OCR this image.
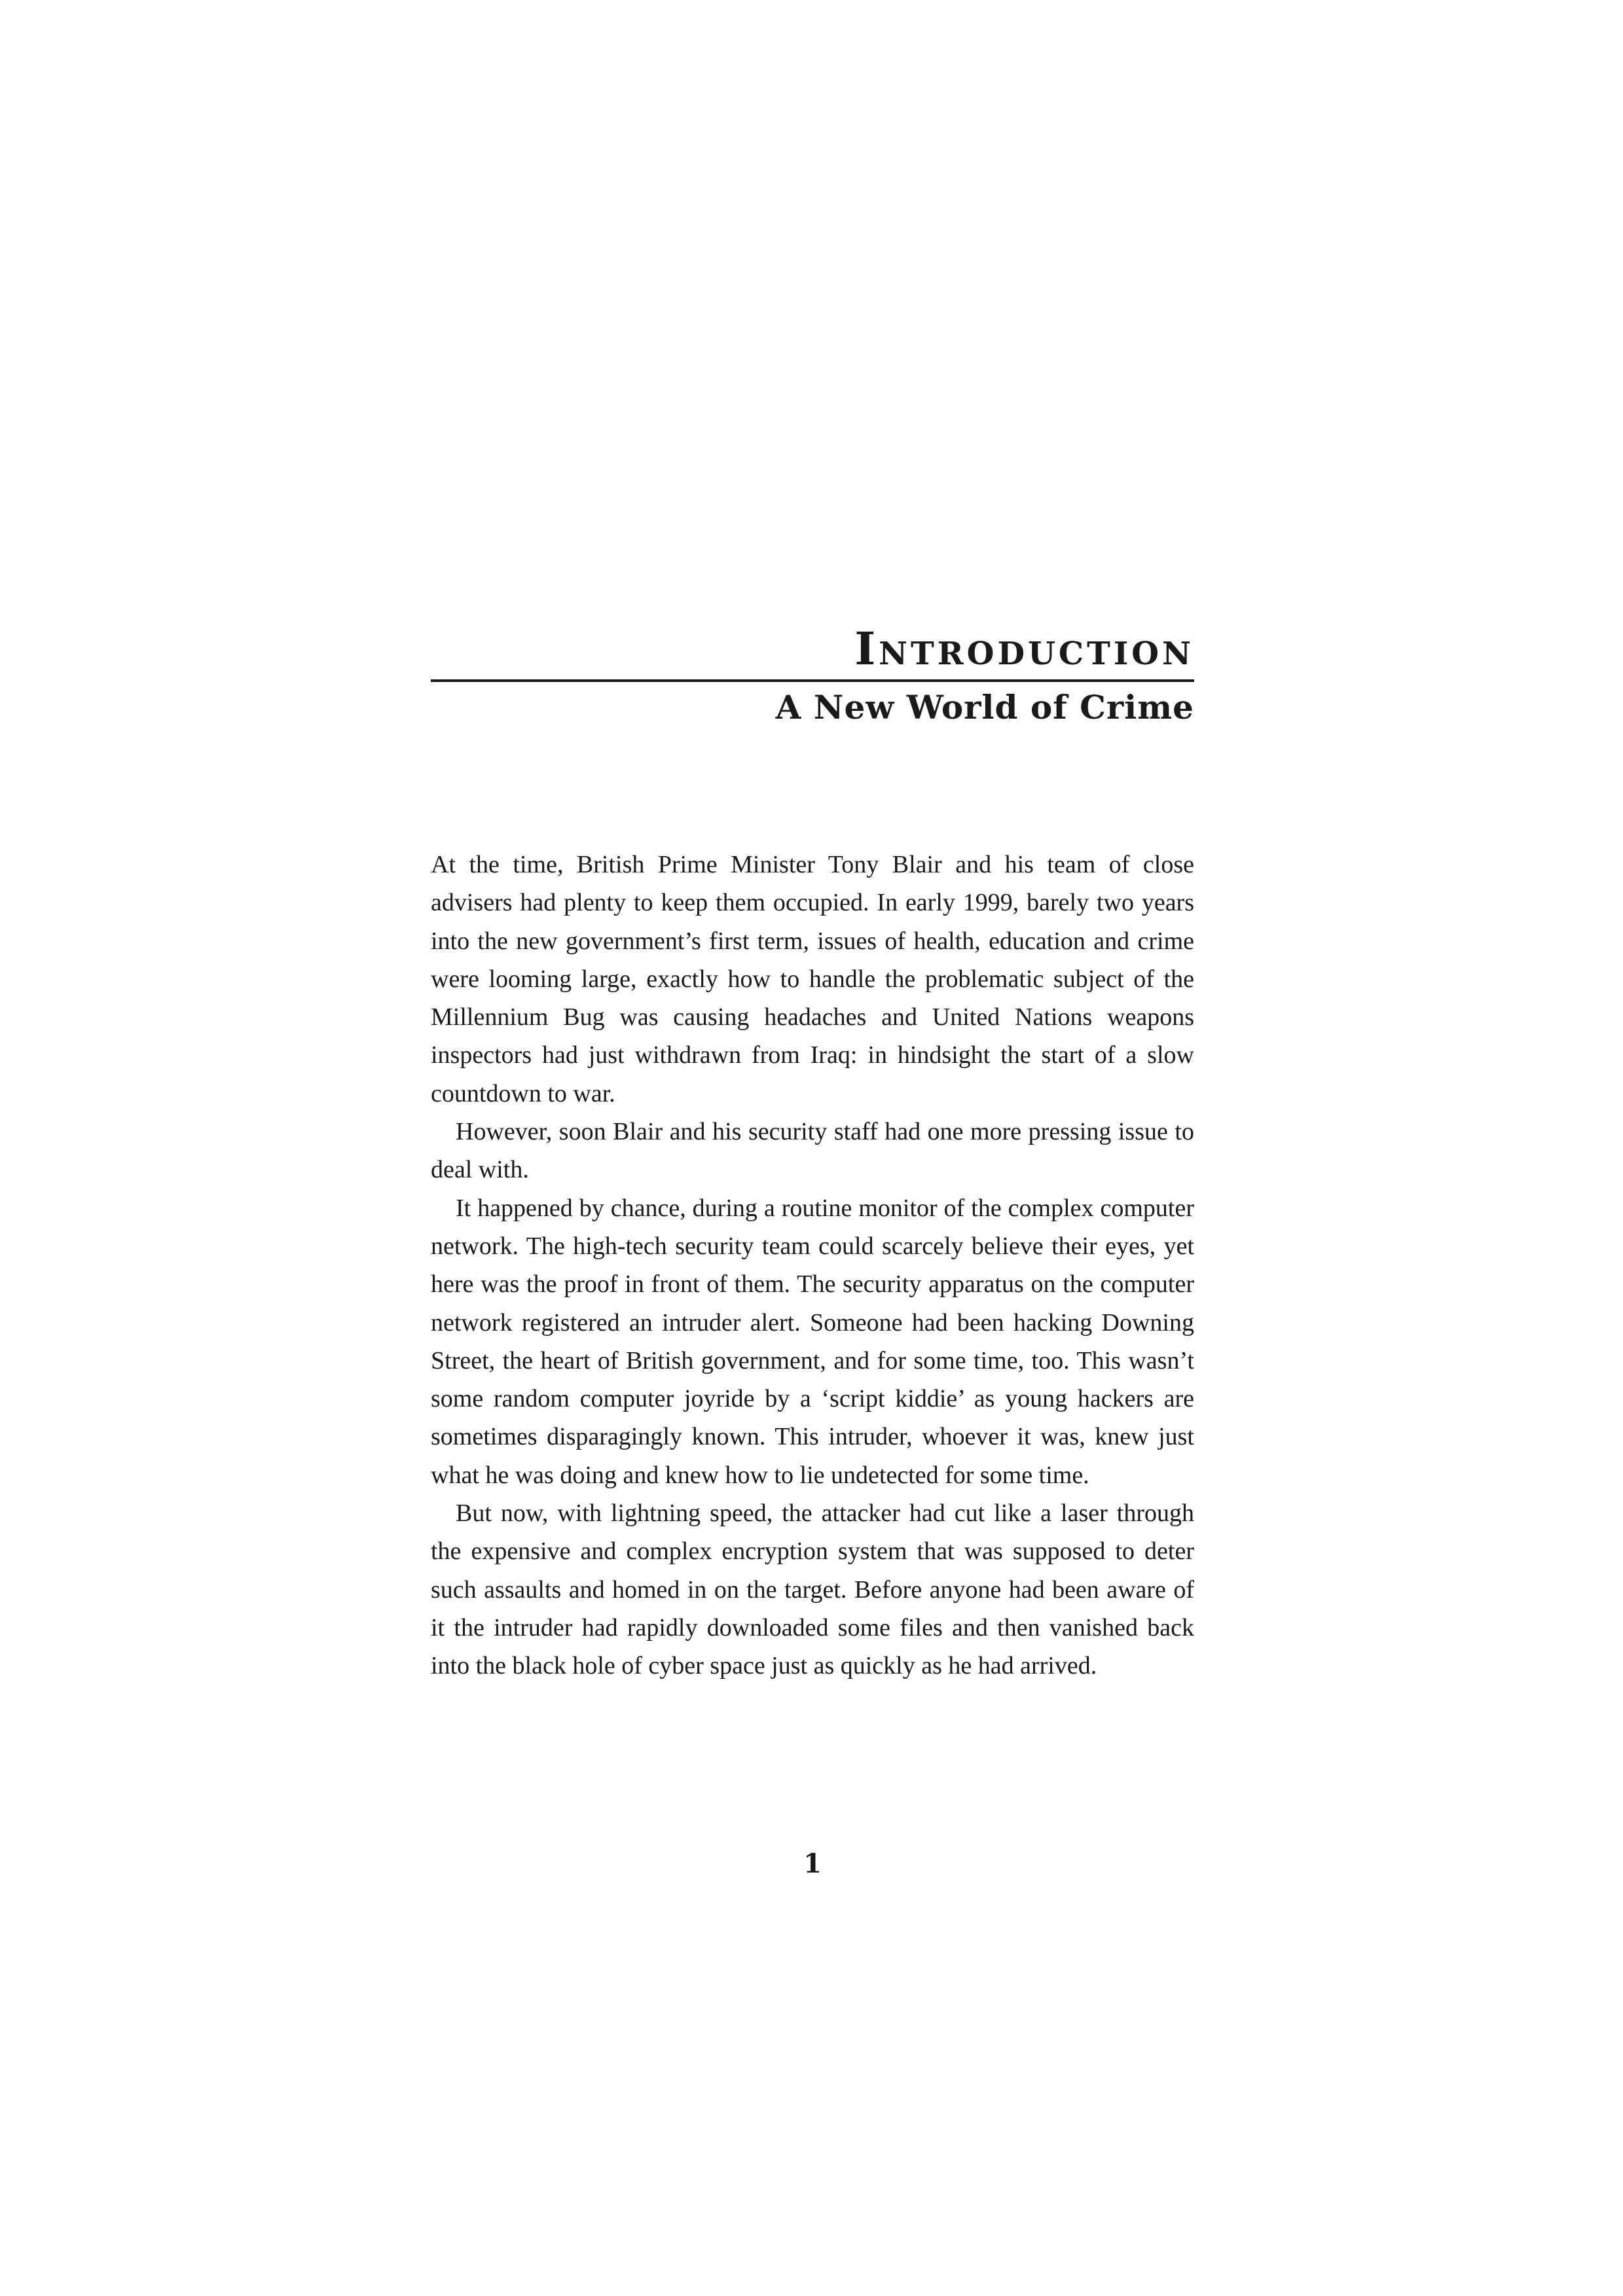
Introduction
A New World of Crime

At the time, British Prime Minister Tony Blair and his team of close advisers had plenty to keep them occupied. In early 1999, barely two years into the new government’s first term, issues of health, education and crime were looming large, exactly how to handle the problematic subject of the Millennium Bug was causing headaches and United Nations weapons inspectors had just withdrawn from Iraq: in hindsight the start of a slow countdown to war.

However, soon Blair and his security staff had one more pressing issue to deal with.

It happened by chance, during a routine monitor of the complex computer network. The high-tech security team could scarcely believe their eyes, yet here was the proof in front of them. The security apparatus on the computer network registered an intruder alert. Someone had been hacking Downing Street, the heart of British government, and for some time, too. This wasn’t some random computer joyride by a ‘script kiddie’ as young hackers are sometimes disparagingly known. This intruder, whoever it was, knew just what he was doing and knew how to lie undetected for some time.

But now, with lightning speed, the attacker had cut like a laser through the expensive and complex encryption system that was supposed to deter such assaults and homed in on the target. Before anyone had been aware of it the intruder had rapidly downloaded some files and then vanished back into the black hole of cyber space just as quickly as he had arrived.

1
